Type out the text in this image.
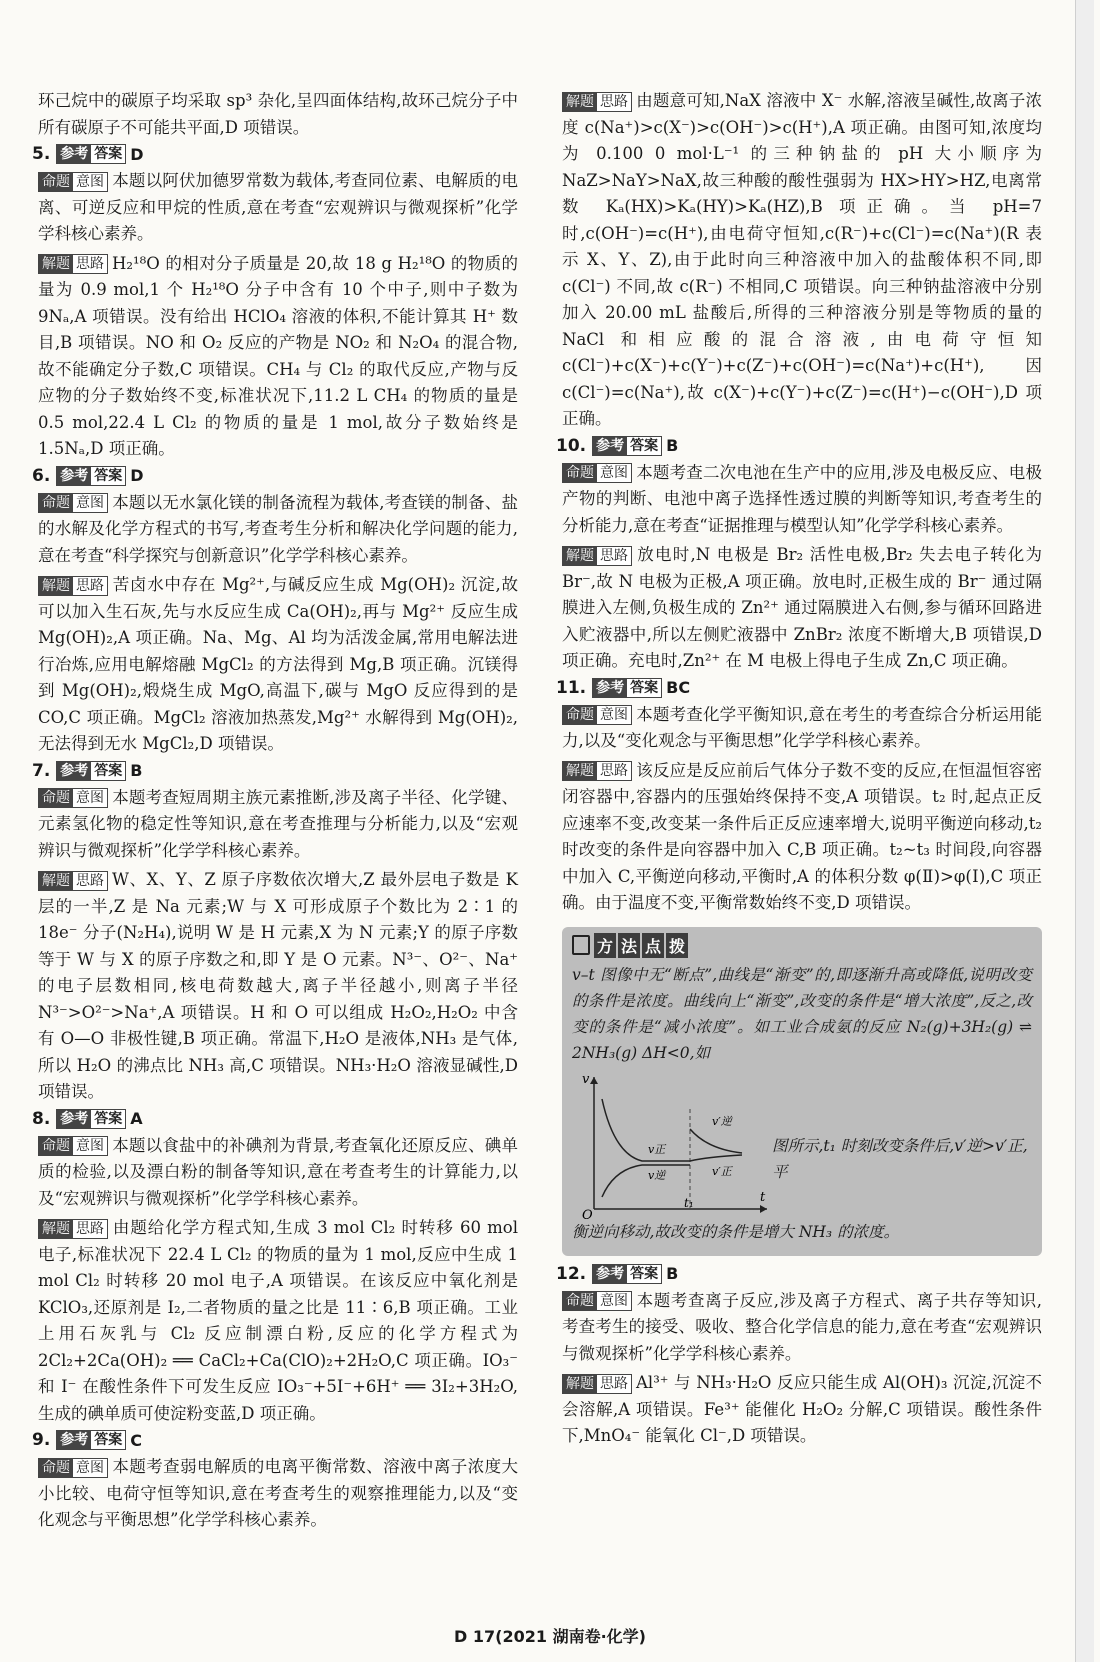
环己烷中的碳原子均采取 sp³ 杂化,呈四面体结构,故环己烷分子中所有碳原子不可能共平面,D 项错误。

5. 参考 答案 D

命题 意图 本题以阿伏加德罗常数为载体,考查同位素、电解质的电离、可逆反应和甲烷的性质,意在考查“宏观辨识与微观探析”化学学科核心素养。

解题 思路 H₂¹⁸O 的相对分子质量是 20,故 18 g H₂¹⁸O 的物质的量为 0.9 mol,1 个 H₂¹⁸O 分子中含有 10 个中子,则中子数为 9Nₐ,A 项错误。没有给出 HClO₄ 溶液的体积,不能计算其 H⁺ 数目,B 项错误。NO 和 O₂ 反应的产物是 NO₂ 和 N₂O₄ 的混合物,故不能确定分子数,C 项错误。CH₄ 与 Cl₂ 的取代反应,产物与反应物的分子数始终不变,标准状况下,11.2 L CH₄ 的物质的量是 0.5 mol,22.4 L Cl₂ 的物质的量是 1 mol,故分子数始终是 1.5Nₐ,D 项正确。

6. 参考 答案 D

命题 意图 本题以无水氯化镁的制备流程为载体,考查镁的制备、盐的水解及化学方程式的书写,考查考生分析和解决化学问题的能力,意在考查“科学探究与创新意识”化学学科核心素养。

解题 思路 苦卤水中存在 Mg²⁺,与碱反应生成 Mg(OH)₂ 沉淀,故可以加入生石灰,先与水反应生成 Ca(OH)₂,再与 Mg²⁺ 反应生成 Mg(OH)₂,A 项正确。Na、Mg、Al 均为活泼金属,常用电解法进行冶炼,应用电解熔融 MgCl₂ 的方法得到 Mg,B 项正确。沉镁得到 Mg(OH)₂,煅烧生成 MgO,高温下,碳与 MgO 反应得到的是 CO,C 项正确。MgCl₂ 溶液加热蒸发,Mg²⁺ 水解得到 Mg(OH)₂,无法得到无水 MgCl₂,D 项错误。

7. 参考 答案 B

命题 意图 本题考查短周期主族元素推断,涉及离子半径、化学键、元素氢化物的稳定性等知识,意在考查推理与分析能力,以及“宏观辨识与微观探析”化学学科核心素养。

解题 思路 W、X、Y、Z 原子序数依次增大,Z 最外层电子数是 K 层的一半,Z 是 Na 元素;W 与 X 可形成原子个数比为 2∶1 的 18e⁻ 分子(N₂H₄),说明 W 是 H 元素,X 为 N 元素;Y 的原子序数等于 W 与 X 的原子序数之和,即 Y 是 O 元素。N³⁻、O²⁻、Na⁺ 的电子层数相同,核电荷数越大,离子半径越小,则离子半径 N³⁻>O²⁻>Na⁺,A 项错误。H 和 O 可以组成 H₂O₂,H₂O₂ 中含有 O—O 非极性键,B 项正确。常温下,H₂O 是液体,NH₃ 是气体,所以 H₂O 的沸点比 NH₃ 高,C 项错误。NH₃·H₂O 溶液显碱性,D 项错误。

8. 参考 答案 A

命题 意图 本题以食盐中的补碘剂为背景,考查氧化还原反应、碘单质的检验,以及漂白粉的制备等知识,意在考查考生的计算能力,以及“宏观辨识与微观探析”化学学科核心素养。

解题 思路 由题给化学方程式知,生成 3 mol Cl₂ 时转移 60 mol 电子,标准状况下 22.4 L Cl₂ 的物质的量为 1 mol,反应中生成 1 mol Cl₂ 时转移 20 mol 电子,A 项错误。在该反应中氧化剂是 KClO₃,还原剂是 I₂,二者物质的量之比是 11∶6,B 项正确。工业上用石灰乳与 Cl₂ 反应制漂白粉,反应的化学方程式为 2Cl₂+2Ca(OH)₂ ══ CaCl₂+Ca(ClO)₂+2H₂O,C 项正确。IO₃⁻ 和 I⁻ 在酸性条件下可发生反应 IO₃⁻+5I⁻+6H⁺ ══ 3I₂+3H₂O,生成的碘单质可使淀粉变蓝,D 项正确。

9. 参考 答案 C

命题 意图 本题考查弱电解质的电离平衡常数、溶液中离子浓度大小比较、电荷守恒等知识,意在考查考生的观察推理能力,以及“变化观念与平衡思想”化学学科核心素养。

解题 思路 由题意可知,NaX 溶液中 X⁻ 水解,溶液呈碱性,故离子浓度 c(Na⁺)>c(X⁻)>c(OH⁻)>c(H⁺),A 项正确。由图可知,浓度均为 0.100 0 mol·L⁻¹ 的三种钠盐的 pH 大小顺序为 NaZ>NaY>NaX,故三种酸的酸性强弱为 HX>HY>HZ,电离常数 Kₐ(HX)>Kₐ(HY)>Kₐ(HZ),B 项正确。当 pH=7 时,c(OH⁻)=c(H⁺),由电荷守恒知,c(R⁻)+c(Cl⁻)=c(Na⁺)(R 表示 X、Y、Z),由于此时向三种溶液中加入的盐酸体积不同,即 c(Cl⁻) 不同,故 c(R⁻) 不相同,C 项错误。向三种钠盐溶液中分别加入 20.00 mL 盐酸后,所得的三种溶液分别是等物质的量的 NaCl 和相应酸的混合溶液,由电荷守恒知 c(Cl⁻)+c(X⁻)+c(Y⁻)+c(Z⁻)+c(OH⁻)=c(Na⁺)+c(H⁺),因 c(Cl⁻)=c(Na⁺),故 c(X⁻)+c(Y⁻)+c(Z⁻)=c(H⁺)−c(OH⁻),D 项正确。

10. 参考 答案 B

命题 意图 本题考查二次电池在生产中的应用,涉及电极反应、电极产物的判断、电池中离子选择性透过膜的判断等知识,考查考生的分析能力,意在考查“证据推理与模型认知”化学学科核心素养。

解题 思路 放电时,N 电极是 Br₂ 活性电极,Br₂ 失去电子转化为 Br⁻,故 N 电极为正极,A 项正确。放电时,正极生成的 Br⁻ 通过隔膜进入左侧,负极生成的 Zn²⁺ 通过隔膜进入右侧,参与循环回路进入贮液器中,所以左侧贮液器中 ZnBr₂ 浓度不断增大,B 项错误,D 项正确。充电时,Zn²⁺ 在 M 电极上得电子生成 Zn,C 项正确。

11. 参考 答案 BC

命题 意图 本题考查化学平衡知识,意在考生的考查综合分析运用能力,以及“变化观念与平衡思想”化学学科核心素养。

解题 思路 该反应是反应前后气体分子数不变的反应,在恒温恒容密闭容器中,容器内的压强始终保持不变,A 项错误。t₂ 时,起点正反应速率不变,改变某一条件后正反应速率增大,说明平衡逆向移动,t₂ 时改变的条件是向容器中加入 C,B 项正确。t₂~t₃ 时间段,向容器中加入 C,平衡逆向移动,平衡时,A 的体积分数 φ(Ⅱ)>φ(Ⅰ),C 项正确。由于温度不变,平衡常数始终不变,D 项错误。

方 法 点 拨

v–t 图像中无“断点”,曲线是“渐变”的,即逐渐升高或降低,说明改变的条件是浓度。曲线向上“渐变”,改变的条件是“增大浓度”,反之,改变的条件是“减小浓度”。如工业合成氨的反应 N₂(g)+3H₂(g) ⇌ 2NH₃(g) ΔH<0,如

v
t
O
t₁
v′逆
v正
v逆	v′正
图所示,t₁ 时刻改变条件后,v′逆>v′正,平

衡逆向移动,故改变的条件是增大 NH₃ 的浓度。

12. 参考 答案 B

命题 意图 本题考查离子反应,涉及离子方程式、离子共存等知识,考查考生的接受、吸收、整合化学信息的能力,意在考查“宏观辨识与微观探析”化学学科核心素养。

解题 思路 Al³⁺ 与 NH₃·H₂O 反应只能生成 Al(OH)₃ 沉淀,沉淀不会溶解,A 项错误。Fe³⁺ 能催化 H₂O₂ 分解,C 项错误。酸性条件下,MnO₄⁻ 能氧化 Cl⁻,D 项错误。

D 17(2021 湖南卷·化学)
